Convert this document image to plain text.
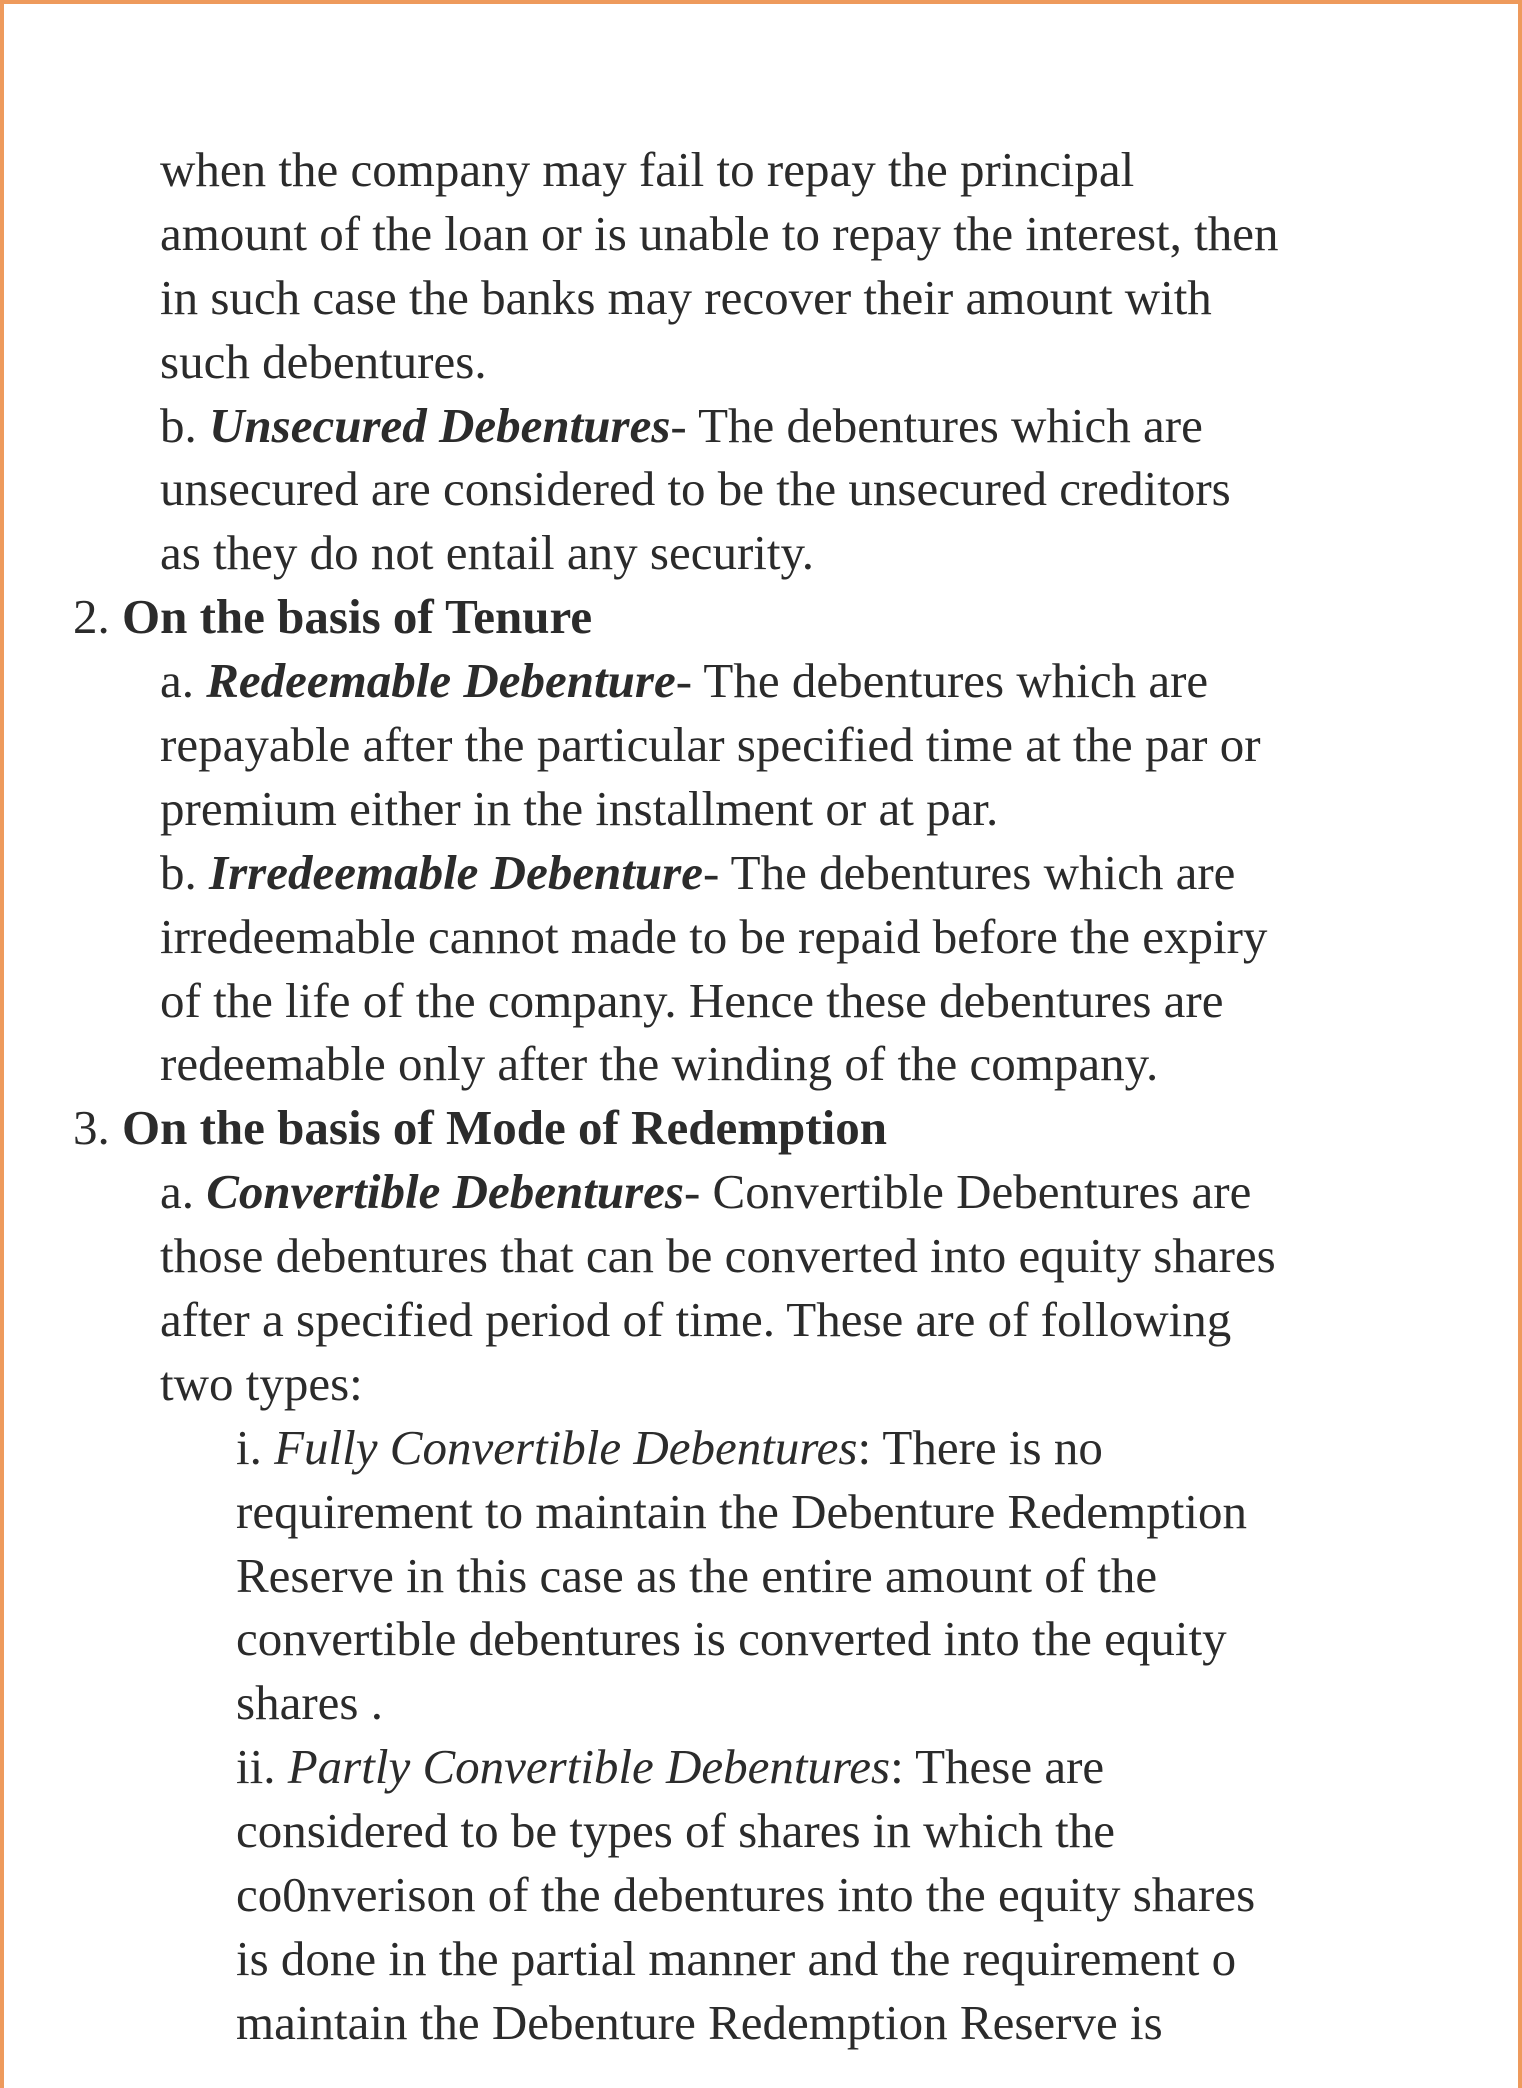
when the company may fail to repay the principal
amount of the loan or is unable to repay the interest, then
in such case the banks may recover their amount with
such debentures.
b. Unsecured Debentures- The debentures which are
unsecured are considered to be the unsecured creditors
as they do not entail any security.
2. On the basis of Tenure
a. Redeemable Debenture- The debentures which are
repayable after the particular specified time at the par or
premium either in the installment or at par.
b. Irredeemable Debenture- The debentures which are
irredeemable cannot made to be repaid before the expiry
of the life of the company. Hence these debentures are
redeemable only after the winding of the company.
3. On the basis of Mode of Redemption
a. Convertible Debentures- Convertible Debentures are
those debentures that can be converted into equity shares
after a specified period of time. These are of following
two types:
i. Fully Convertible Debentures: There is no
requirement to maintain the Debenture Redemption
Reserve in this case as the entire amount of the
convertible debentures is converted into the equity
shares .
ii. Partly Convertible Debentures: These are
considered to be types of shares in which the
co0nverison of the debentures into the equity shares
is done in the partial manner and the requirement o
maintain the Debenture Redemption Reserve is
